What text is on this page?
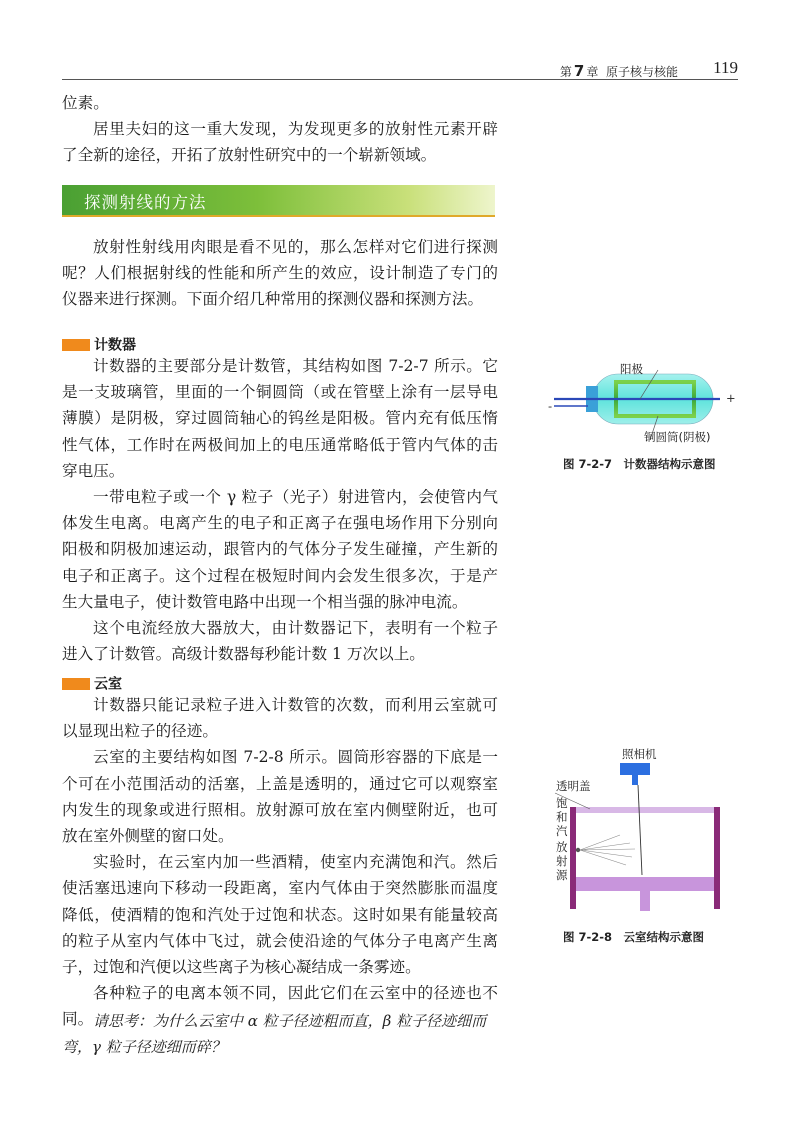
第 7 章 原子核与核能 119
位素。
居里夫妇的这一重大发现，为发现更多的放射性元素开辟了全新的途径，开拓了放射性研究中的一个崭新领域。
探测射线的方法
放射性射线用肉眼是看不见的，那么怎样对它们进行探测呢？人们根据射线的性能和所产生的效应，设计制造了专门的仪器来进行探测。下面介绍几种常用的探测仪器和探测方法。
计数器
计数器的主要部分是计数管，其结构如图 7-2-7 所示。它是一支玻璃管，里面的一个铜圆筒（或在管壁上涂有一层导电薄膜）是阴极，穿过圆筒轴心的钨丝是阳极。管内充有低压惰性气体，工作时在两极间加上的电压通常略低于管内气体的击穿电压。
一带电粒子或一个 γ 粒子（光子）射进管内，会使管内气体发生电离。电离产生的电子和正离子在强电场作用下分别向阳极和阴极加速运动，跟管内的气体分子发生碰撞，产生新的电子和正离子。这个过程在极短时间内会发生很多次，于是产生大量电子，使计数管电路中出现一个相当强的脉冲电流。
这个电流经放大器放大，由计数器记下，表明有一个粒子进入了计数管。高级计数器每秒能计数 1 万次以上。
云室
计数器只能记录粒子进入计数管的次数，而利用云室就可以显现出粒子的径迹。
云室的主要结构如图 7-2-8 所示。圆筒形容器的下底是一个可在小范围活动的活塞，上盖是透明的，通过它可以观察室内发生的现象或进行照相。放射源可放在室内侧壁附近，也可放在室外侧壁的窗口处。
实验时，在云室内加一些酒精，使室内充满饱和汽。然后使活塞迅速向下移动一段距离，室内气体由于突然膨胀而温度降低，使酒精的饱和汽处于过饱和状态。这时如果有能量较高的粒子从室内气体中飞过，就会使沿途的气体分子电离产生离子，过饱和汽便以这些离子为核心凝结成一条雾迹。
各种粒子的电离本领不同，因此它们在云室中的径迹也不同。 请思考：为什么云室中 α 粒子径迹粗而直，β 粒子径迹细而弯，γ 粒子径迹细而碎？
+
-
阳极
铜圆筒(阴极)
图 7-2-7　计数器结构示意图
照相机
透明盖
饱
和
汽
放
射
源
图 7-2-8　云室结构示意图
